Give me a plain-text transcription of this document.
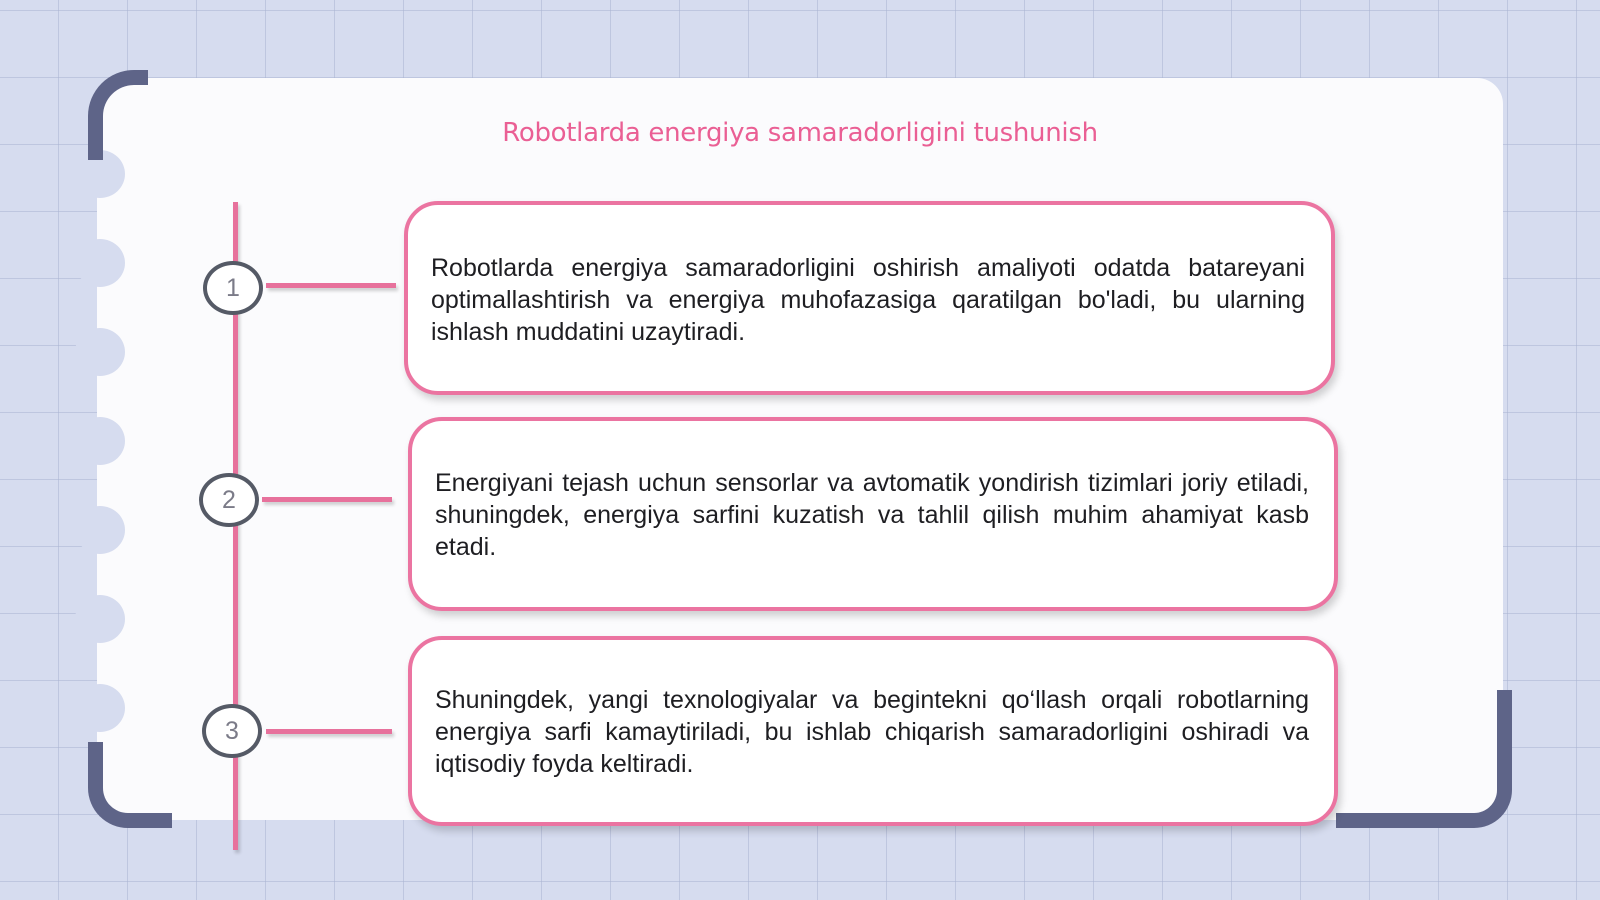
Robotlarda energiya samaradorligini tushunish
1

Robotlarda energiya samaradorligini oshirish amaliyoti odatda batareyani optimallashtirish va energiya muhofazasiga qaratilgan bo'ladi, bu ularning ishlash muddatini uzaytiradi.

2

Energiyani tejash uchun sensorlar va avtomatik yondirish tizimlari joriy etiladi, shuningdek, energiya sarfini kuzatish va tahlil qilish muhim ahamiyat kasb etadi.

3

Shuningdek, yangi texnologiyalar va begintekni qo‘llash orqali robotlarning energiya sarfi kamaytiriladi, bu ishlab chiqarish samaradorligini oshiradi va iqtisodiy foyda keltiradi.
